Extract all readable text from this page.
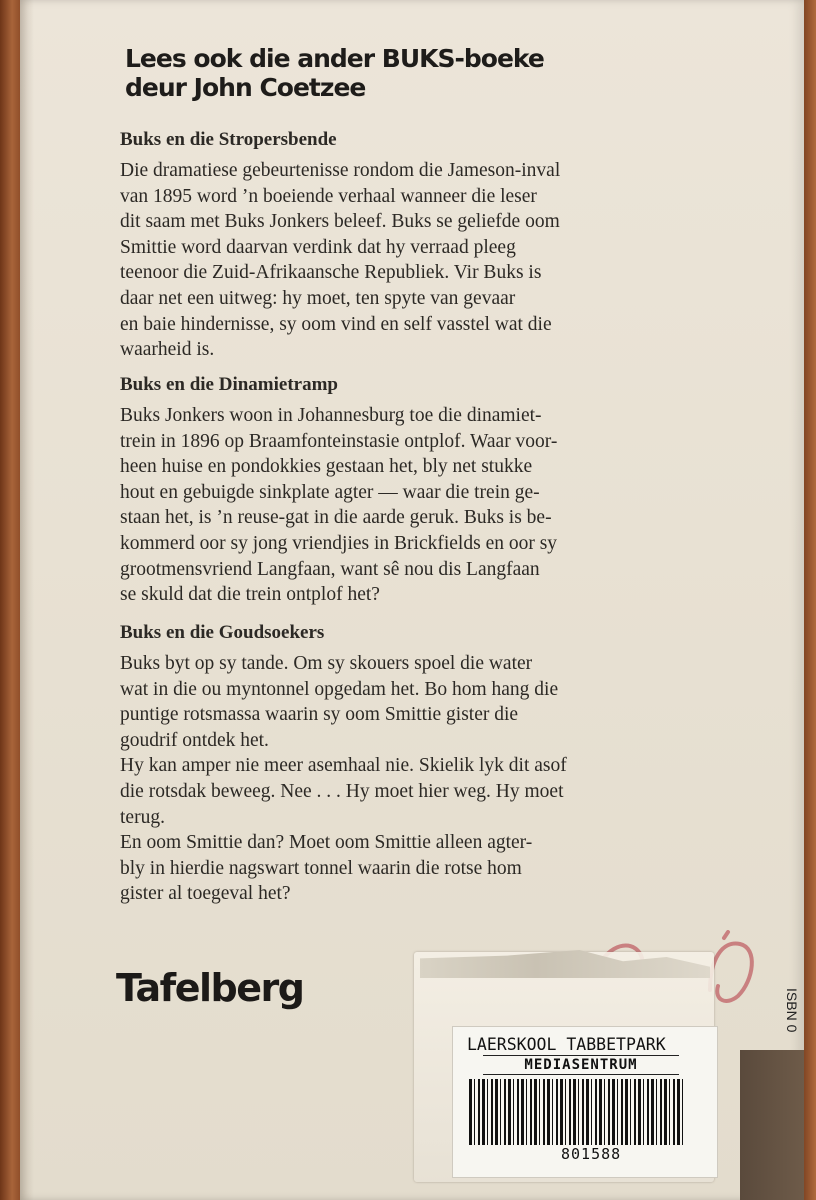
Lees ook die ander BUKS-boeke
deur John Coetzee
Buks en die Stropersbende
Die dramatiese gebeurtenisse rondom die Jameson-inval
van 1895 word ’n boeiende verhaal wanneer die leser
dit saam met Buks Jonkers beleef. Buks se geliefde oom
Smittie word daarvan verdink dat hy verraad pleeg
teenoor die Zuid-Afrikaansche Republiek. Vir Buks is
daar net een uitweg: hy moet, ten spyte van gevaar
en baie hindernisse, sy oom vind en self vasstel wat die
waarheid is.
Buks en die Dinamietramp
Buks Jonkers woon in Johannesburg toe die dinamiet-
trein in 1896 op Braamfonteinstasie ontplof. Waar voor-
heen huise en pondokkies gestaan het, bly net stukke
hout en gebuigde sinkplate agter — waar die trein ge-
staan het, is ’n reuse-gat in die aarde geruk. Buks is be-
kommerd oor sy jong vriendjies in Brickfields en oor sy
grootmensvriend Langfaan, want sê nou dis Langfaan
se skuld dat die trein ontplof het?
Buks en die Goudsoekers
Buks byt op sy tande. Om sy skouers spoel die water
wat in die ou myntonnel opgedam het. Bo hom hang die
puntige rotsmassa waarin sy oom Smittie gister die
goudrif ontdek het.
Hy kan amper nie meer asemhaal nie. Skielik lyk dit asof
die rotsdak beweeg. Nee . . . Hy moet hier weg. Hy moet
terug.
En oom Smittie dan? Moet oom Smittie alleen agter-
bly in hierdie nagswart tonnel waarin die rotse hom
gister al toegeval het?
Tafelberg
LAERSKOOL TABBETPARK
MEDIASENTRUM
801588
ISBN 0
